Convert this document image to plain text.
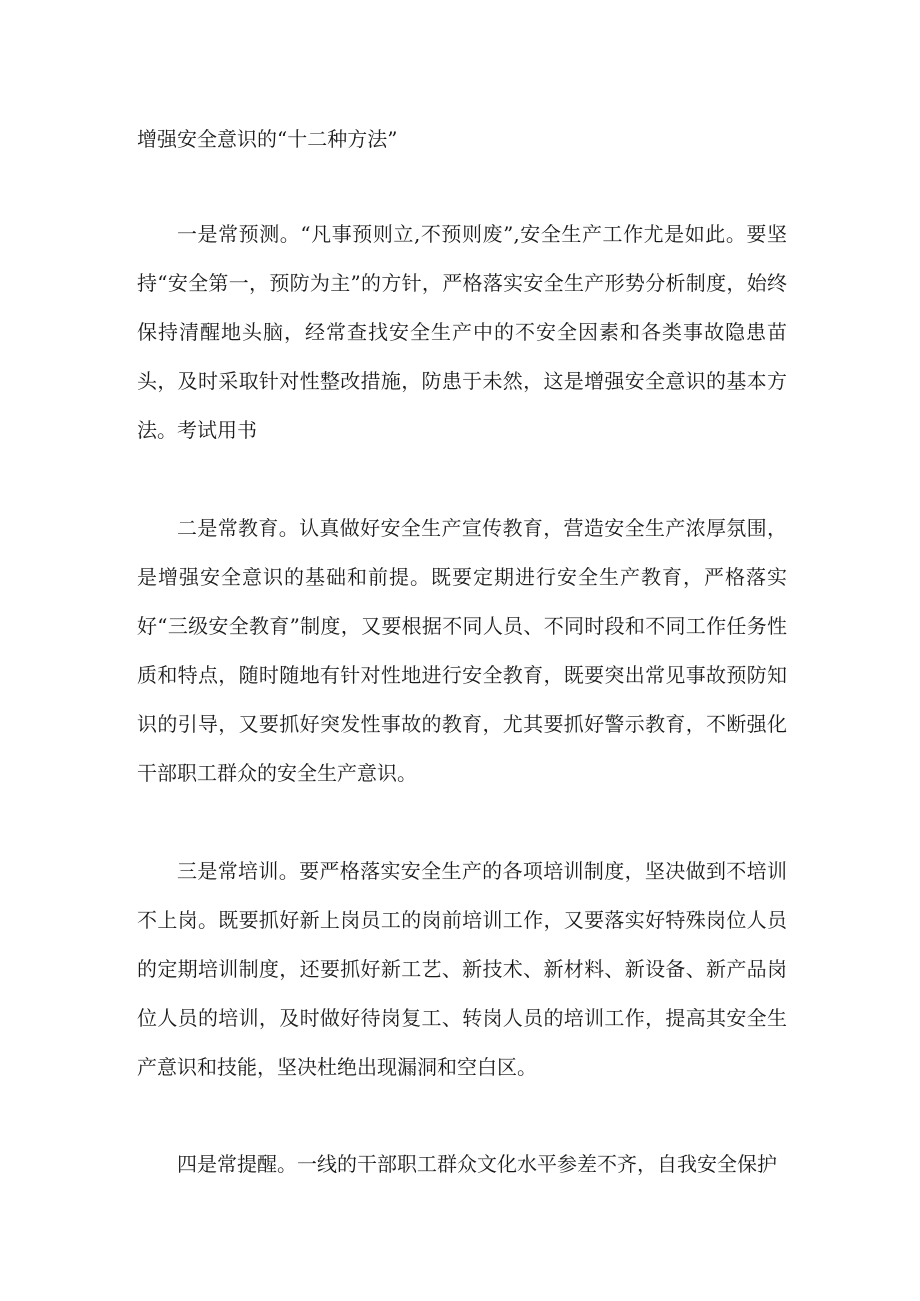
增强安全意识的“十二种方法”

一是常预测。“凡事预则立,不预则废”,安全生产工作尤是如此。要坚持“安全第一，预防为主”的方针，严格落实安全生产形势分析制度，始终保持清醒地头脑，经常查找安全生产中的不安全因素和各类事故隐患苗头，及时采取针对性整改措施，防患于未然，这是增强安全意识的基本方法。考试用书

二是常教育。认真做好安全生产宣传教育，营造安全生产浓厚氛围，是增强安全意识的基础和前提。既要定期进行安全生产教育，严格落实好“三级安全教育”制度，又要根据不同人员、不同时段和不同工作任务性质和特点，随时随地有针对性地进行安全教育，既要突出常见事故预防知识的引导，又要抓好突发性事故的教育，尤其要抓好警示教育，不断强化干部职工群众的安全生产意识。

三是常培训。要严格落实安全生产的各项培训制度，坚决做到不培训不上岗。既要抓好新上岗员工的岗前培训工作，又要落实好特殊岗位人员的定期培训制度，还要抓好新工艺、新技术、新材料、新设备、新产品岗位人员的培训，及时做好待岗复工、转岗人员的培训工作，提高其安全生产意识和技能，坚决杜绝出现漏洞和空白区。

四是常提醒。一线的干部职工群众文化水平参差不齐，自我安全保护
